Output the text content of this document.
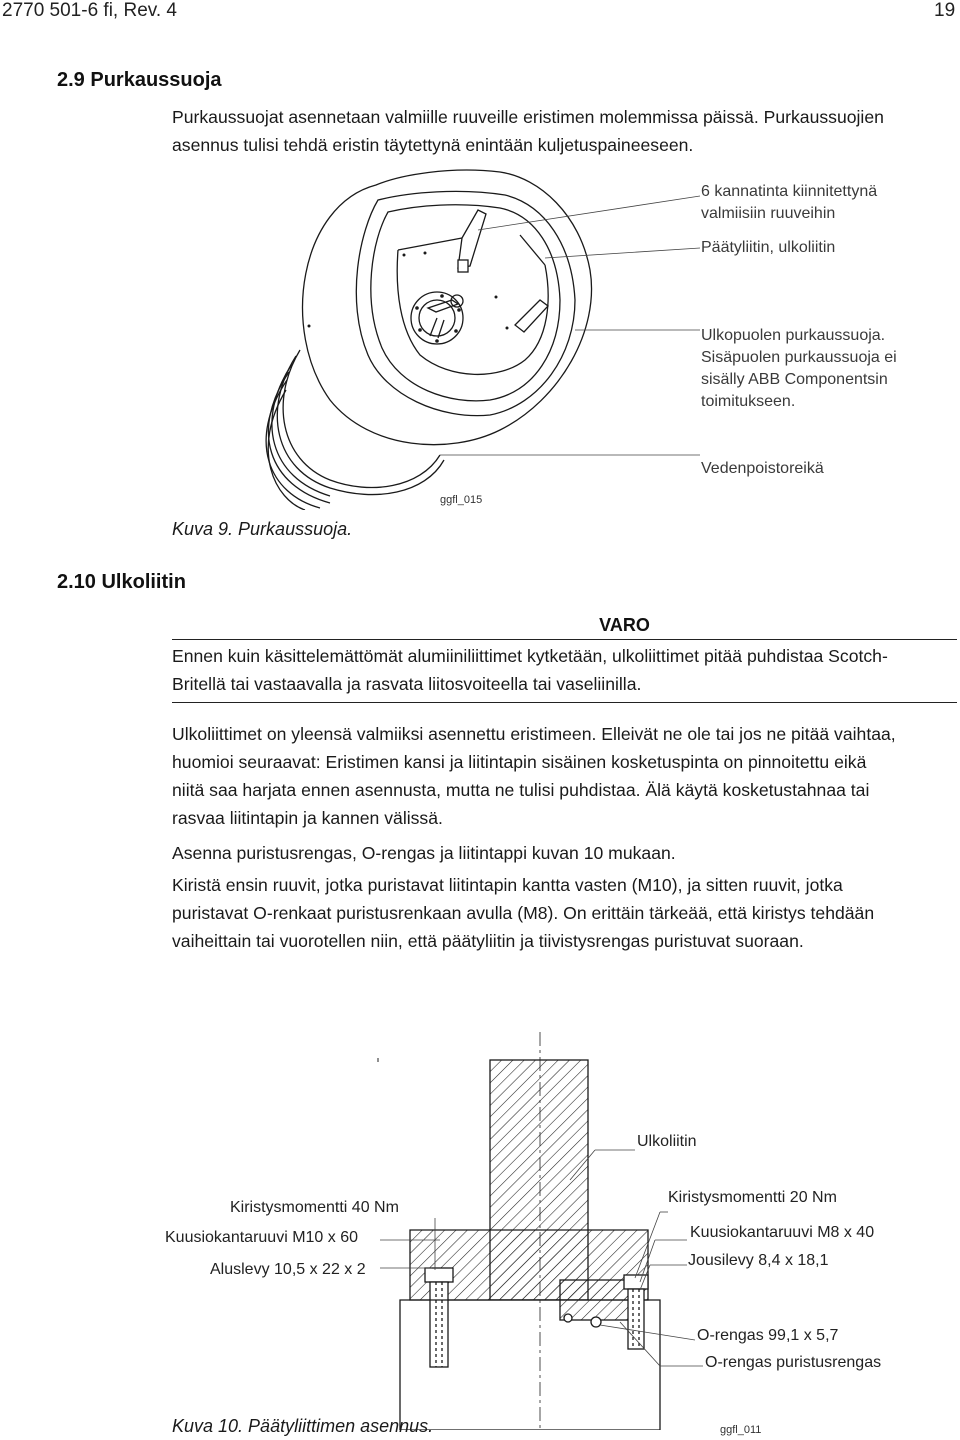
2770 501-6 fi, Rev. 4	19
2.9 Purkaussuoja
Purkaussuojat asennetaan valmiille ruuveille eristimen molemmissa päissä. Purkaussuojien
asennus tulisi tehdä eristin täytettynä enintään kuljetuspaineeseen.
6 kannatinta kiinnitettynä
valmiisiin ruuveihin
Päätyliitin, ulkoliitin
Ulkopuolen purkaussuoja.
Sisäpuolen purkaussuoja ei
sisälly ABB Componentsin
toimitukseen.
Vedenpoistoreikä
ggfl_015
Kuva 9. Purkaussuoja.
2.10 Ulkoliitin
VARO
Ennen kuin käsittelemättömät alumiiniliittimet kytketään, ulkoliittimet pitää puhdistaa Scotch-
Britellä tai vastaavalla ja rasvata liitosvoiteella tai vaseliinilla.
Ulkoliittimet on yleensä valmiiksi asennettu eristimeen. Elleivät ne ole tai jos ne pitää vaihtaa,
huomioi seuraavat: Eristimen kansi ja liitintapin sisäinen kosketuspinta on pinnoitettu eikä
niitä saa harjata ennen asennusta, mutta ne tulisi puhdistaa. Älä käytä kosketustahnaa tai
rasvaa liitintapin ja kannen välissä.
Asenna puristusrengas, O-rengas ja liitintappi kuvan 10 mukaan.
Kiristä ensin ruuvit, jotka puristavat liitintapin kantta vasten (M10), ja sitten ruuvit, jotka
puristavat O-renkaat puristusrenkaan avulla (M8). On erittäin tärkeää, että kiristys tehdään
vaiheittain tai vuorotellen niin, että päätyliitin ja tiivistysrengas puristuvat suoraan.
Ulkoliitin
Kiristysmomentti 40 Nm
Kuusiokantaruuvi M10 x 60
Aluslevy 10,5 x 22 x 2
Kiristysmomentti 20 Nm
Kuusiokantaruuvi M8 x 40
Jousilevy 8,4 x 18,1
O-rengas 99,1 x 5,7
O-rengas puristusrengas
Kuva 10. Päätyliittimen asennus.	ggfl_011
